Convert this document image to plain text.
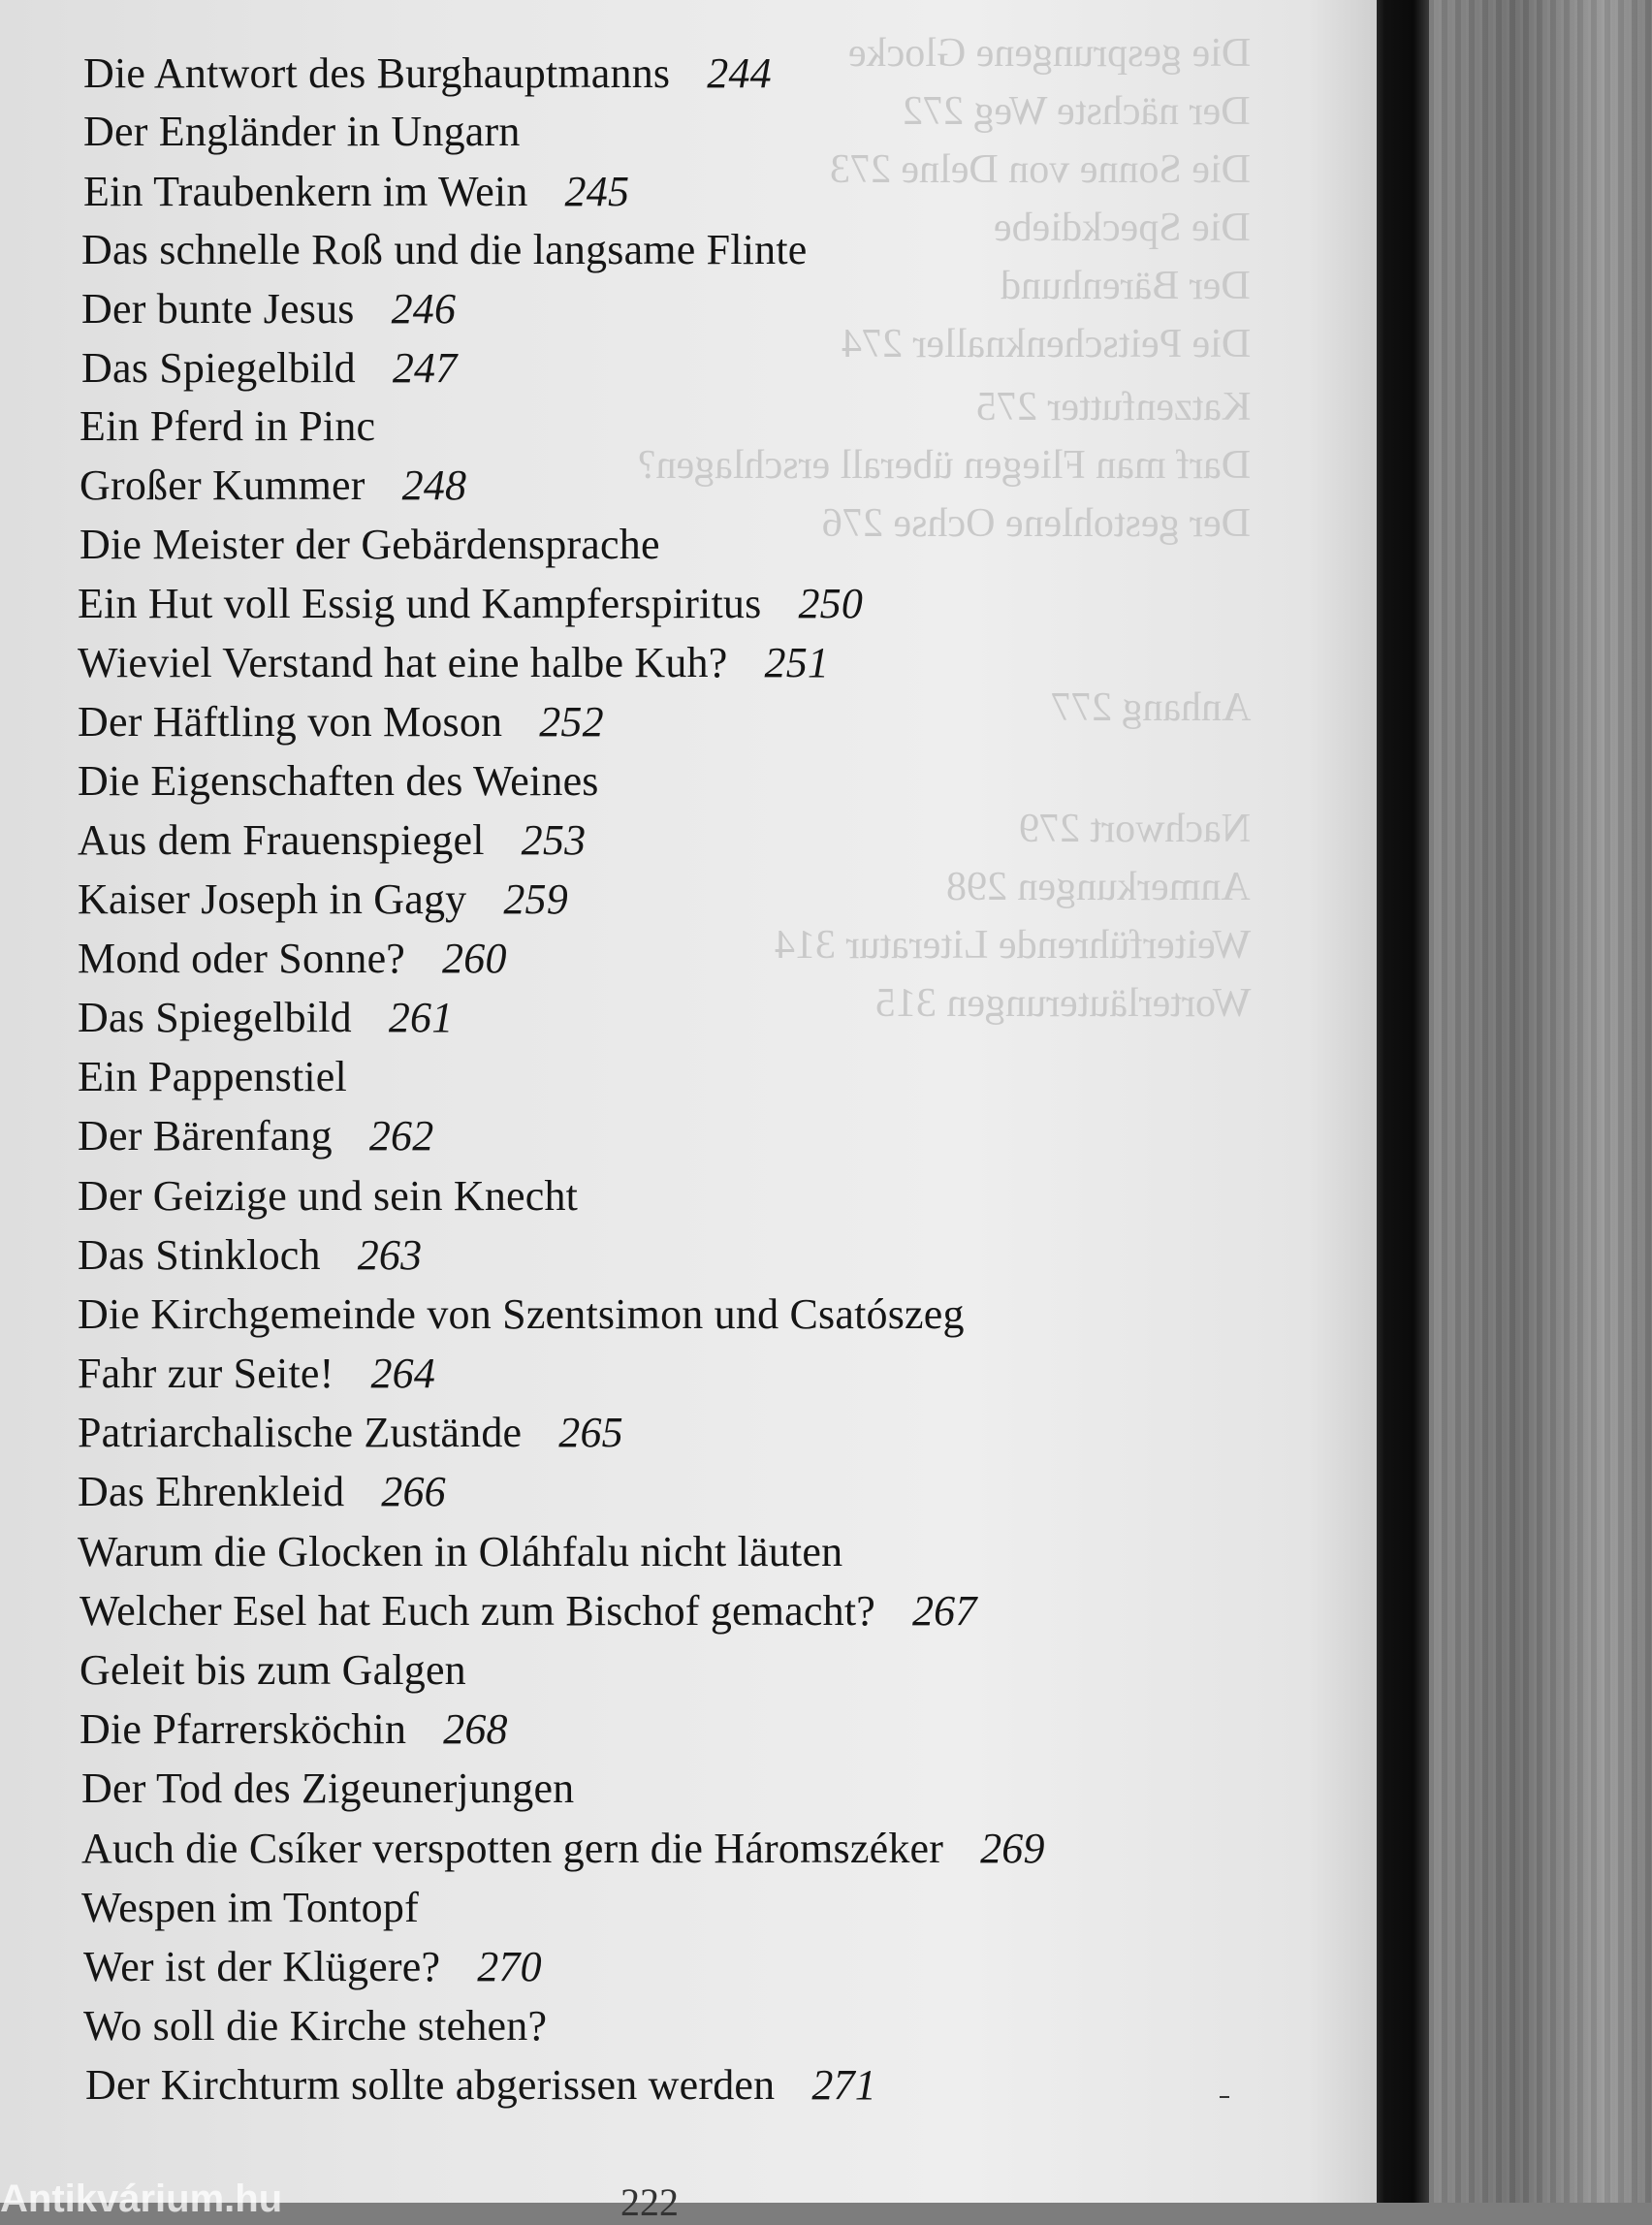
Die gesprungene Glocke
Der nächste Weg 272
Die Sonne von Delne 273
Die Speckdiebe
Der Bärenhund
Die Peitschenknaller 274
Katzenfutter 275
Darf man Fliegen überall erschlagen?
Der gestohlene Ochse 276
Anhang 277
Nachwort 279
Anmerkungen 298
Weiterführende Literatur 314
Worterläuterungen 315
Die Antwort des Burghauptmanns 244
Der Engländer in Ungarn
Ein Traubenkern im Wein 245
Das schnelle Roß und die langsame Flinte
Der bunte Jesus 246
Das Spiegelbild 247
Ein Pferd in Pinc
Großer Kummer 248
Die Meister der Gebärdensprache
Ein Hut voll Essig und Kampferspiritus 250
Wieviel Verstand hat eine halbe Kuh? 251
Der Häftling von Moson 252
Die Eigenschaften des Weines
Aus dem Frauenspiegel 253
Kaiser Joseph in Gagy 259
Mond oder Sonne? 260
Das Spiegelbild 261
Ein Pappenstiel
Der Bärenfang 262
Der Geizige und sein Knecht
Das Stinkloch 263
Die Kirchgemeinde von Szentsimon und Csatószeg
Fahr zur Seite! 264
Patriarchalische Zustände 265
Das Ehrenkleid 266
Warum die Glocken in Oláhfalu nicht läuten
Welcher Esel hat Euch zum Bischof gemacht? 267
Geleit bis zum Galgen
Die Pfarrersköchin 268
Der Tod des Zigeunerjungen
Auch die Csíker verspotten gern die Háromszéker 269
Wespen im Tontopf
Wer ist der Klügere? 270
Wo soll die Kirche stehen?
Der Kirchturm sollte abgerissen werden 271
222
Antikvárium.hu
